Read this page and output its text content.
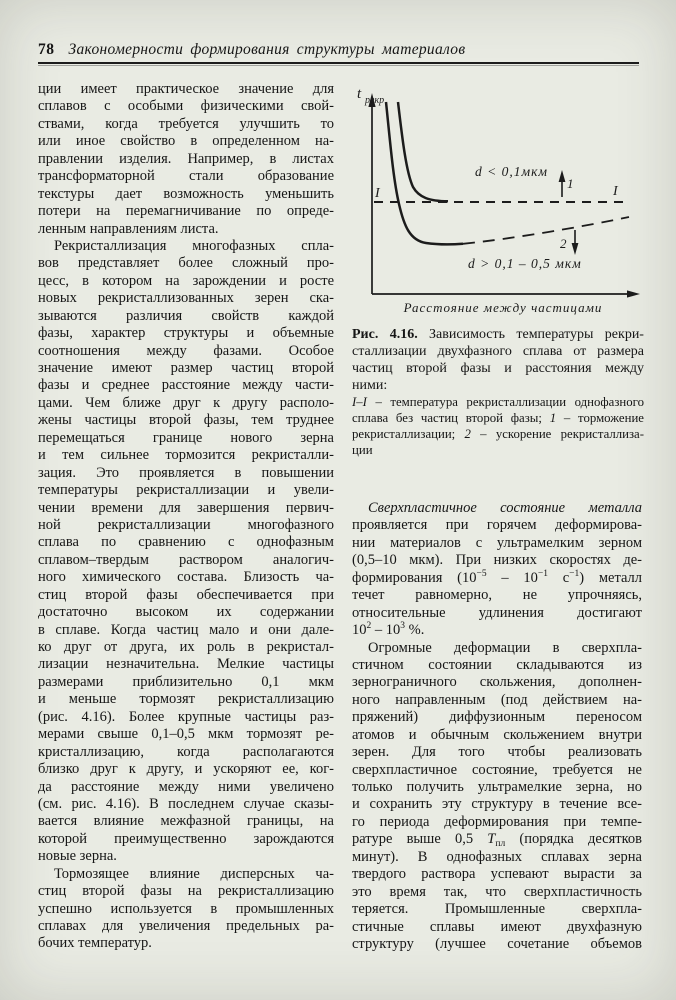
78 Закономерности формирования структуры материалов
ции имеет практическое значение для
сплавов с особыми физическими свой-
ствами, когда требуется улучшить то
или иное свойство в определенном на-
правлении изделия. Например, в листах
трансформаторной стали образование
текстуры дает возможность уменьшить
потери на перемагничивание по опреде-
ленным направлениям листа.
Рекристаллизация многофазных спла-
вов представляет более сложный про-
цесс, в котором на зарождении и росте
новых рекристаллизованных зерен ска-
зываются различия свойств каждой
фазы, характер структуры и объемные
соотношения между фазами. Особое
значение имеют размер частиц второй
фазы и среднее расстояние между части-
цами. Чем ближе друг к другу располо-
жены частицы второй фазы, тем труднее
перемещаться границе нового зерна
и тем сильнее тормозится рекристалли-
зация. Это проявляется в повышении
температуры рекристаллизации и увели-
чении времени для завершения первич-
ной рекристаллизации многофазного
сплава по сравнению с однофазным
сплавом–твердым раствором аналогич-
ного химического состава. Близость ча-
стиц второй фазы обеспечивается при
достаточно высоком их содержании
в сплаве. Когда частиц мало и они дале-
ко друг от друга, их роль в рекристал-
лизации незначительна. Мелкие частицы
размерами приблизительно 0,1 мкм
и меньше тормозят рекристаллизацию
(рис. 4.16). Более крупные частицы раз-
мерами свыше 0,1–0,5 мкм тормозят ре-
кристаллизацию, когда располагаются
близко друг к другу, и ускоряют ее, ког-
да расстояние между ними увеличено
(см. рис. 4.16). В последнем случае сказы-
вается влияние межфазной границы, на
которой преимущественно зарождаются
новые зерна.
Тормозящее влияние дисперсных ча-
стиц второй фазы на рекристаллизацию
успешно используется в промышленных
сплавах для увеличения предельных ра-
бочих температур.
t рекр
I	I
d < 0,1мкм
d > 0,1 – 0,5 мкм
1
2
Расстояние между частицами
Рис. 4.16. Зависимость температуры рекри-
сталлизации двухфазного сплава от размера
частиц второй фазы и расстояния между
ними:
I–I – температура рекристаллизации однофазного
сплава без частиц второй фазы; 1 – торможение
рекристаллизации; 2 – ускорение рекристаллиза-
ции
Сверхпластичное состояние металла
проявляется при горячем деформирова-
нии материалов с ультрамелким зерном
(0,5–10 мкм). При низких скоростях де-
формирования ($10^{-5} - 10^{-1}$ $с^{-1}$) металл
течет равномерно, не упрочняясь,
относительные удлинения достигают
$10^2 - 10^3$ %.
Огромные деформации в сверхпла-
стичном состоянии складываются из
зернограничного скольжения, дополнен-
ного направленным (под действием на-
пряжений) диффузионным переносом
атомов и обычным скольжением внутри
зерен. Для того чтобы реализовать
сверхпластичное состояние, требуется не
только получить ультрамелкие зерна, но
и сохранить эту структуру в течение все-
го периода деформирования при темпе-
ратуре выше 0,5 $Т_{пл}$ (порядка десятков
минут). В однофазных сплавах зерна
твердого раствора успевают вырасти за
это время так, что сверхпластичность
теряется. Промышленные сверхпла-
стичные сплавы имеют двухфазную
структуру (лучшее сочетание объемов
